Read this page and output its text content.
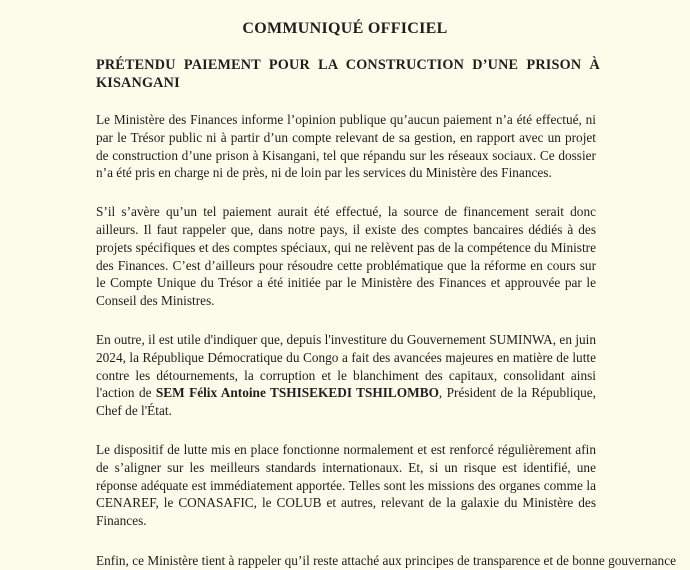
COMMUNIQUÉ OFFICIEL
PRÉTENDU PAIEMENT POUR LA CONSTRUCTION D’UNE PRISON À KISANGANI

Le Ministère des Finances informe l’opinion publique qu’aucun paiement n’a été effectué, ni par le Trésor public ni à partir d’un compte relevant de sa gestion, en rapport avec un projet de construction d’une prison à Kisangani, tel que répandu sur les réseaux sociaux. Ce dossier n’a été pris en charge ni de près, ni de loin par les services du Ministère des Finances.

S’il s’avère qu’un tel paiement aurait été effectué, la source de financement serait donc ailleurs. Il faut rappeler que, dans notre pays, il existe des comptes bancaires dédiés à des projets spécifiques et des comptes spéciaux, qui ne relèvent pas de la compétence du Ministre des Finances. C’est d’ailleurs pour résoudre cette problématique que la réforme en cours sur le Compte Unique du Trésor a été initiée par le Ministère des Finances et approuvée par le Conseil des Ministres.

En outre, il est utile d'indiquer que, depuis l'investiture du Gouvernement SUMINWA, en juin 2024, la République Démocratique du Congo a fait des avancées majeures en matière de lutte contre les détournements, la corruption et le blanchiment des capitaux, consolidant ainsi l'action de SEM Félix Antoine TSHISEKEDI TSHILOMBO, Président de la République, Chef de l'État.

Le dispositif de lutte mis en place fonctionne normalement et est renforcé régulièrement afin de s’aligner sur les meilleurs standards internationaux. Et, si un risque est identifié, une réponse adéquate est immédiatement apportée. Telles sont les missions des organes comme la CENAREF, le CONASAFIC, le COLUB et autres, relevant de la galaxie du Ministère des Finances.

Enfin, ce Ministère tient à rappeler qu’il reste attaché aux principes de transparence et de bonne gouvernance
